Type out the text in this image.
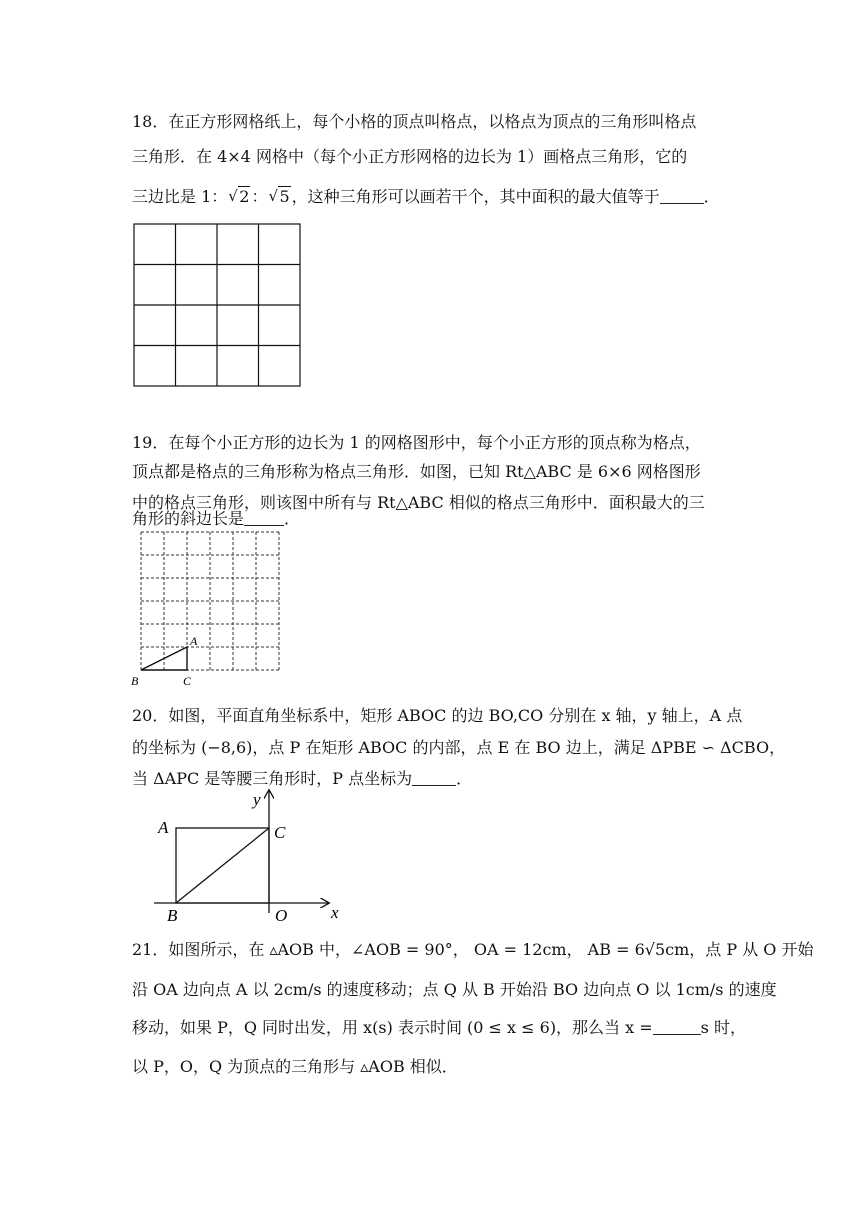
18．在正方形网格纸上，每个小格的顶点叫格点，以格点为顶点的三角形叫格点
三角形．在 4×4 网格中（每个小正方形网格的边长为 1）画格点三角形，它的
三边比是 1： √ 2 ： √ 5 ，这种三角形可以画若干个，其中面积的最大值等于	．
19．在每个小正方形的边长为 1 的网格图形中，每个小正方形的顶点称为格点，
顶点都是格点的三角形称为格点三角形．如图，已知 Rt△ABC 是 6×6 网格图形
中的格点三角形，则该图中所有与 Rt△ABC 相似的格点三角形中．面积最大的三
角形的斜边长是	．
A
B	C
20．如图，平面直角坐标系中，矩形 ABOC 的边 BO,CO 分别在 x 轴，y 轴上，A 点
的坐标为 (−8,6)，点 P 在矩形 ABOC 的内部，点 E 在 BO 边上，满足 ΔPBE ∽ ΔCBO，
当 ΔAPC 是等腰三角形时，P 点坐标为	．
y
x
A
B
C
O
21．如图所示，在 ▵AOB 中，∠AOB = 90°， OA = 12cm， AB = 6√5cm，点 P 从 O 开始
沿 OA 边向点 A 以 2cm/s 的速度移动；点 Q 从 B 开始沿 BO 边向点 O 以 1cm/s 的速度
移动，如果 P，Q 同时出发，用 x(s) 表示时间 (0 ≤ x ≤ 6)，那么当 x =	s 时，
以 P，O，Q 为顶点的三角形与 ▵AOB 相似．
